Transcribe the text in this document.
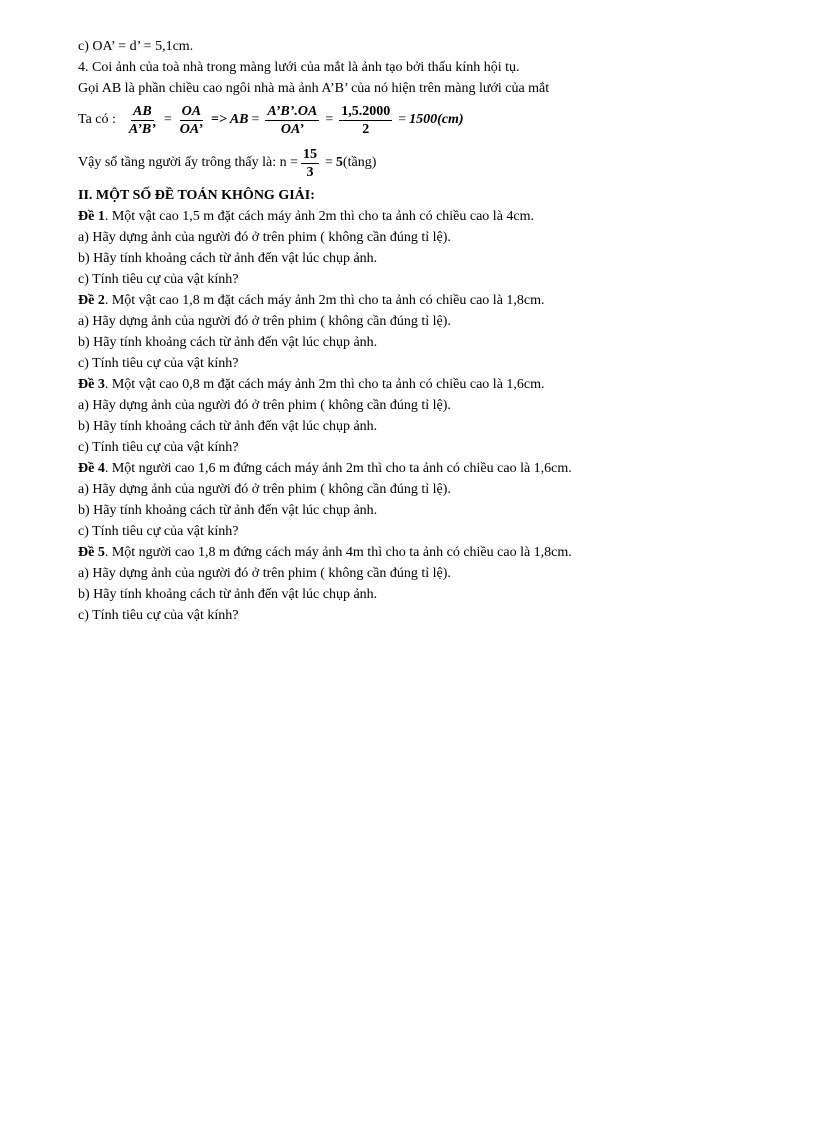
c) OA’ = d’ = 5,1cm.
4. Coi ảnh của toà nhà trong màng lưới của mắt là ảnh tạo bởi thấu kính hội tụ.
Gọi AB là phần chiều cao ngôi nhà mà ảnh A’B’ của nó hiện trên màng lưới của mắt
Ta có : $\frac{AB}{A’B’} = \frac{OA}{OA’}$ => AB = $\frac{A’B’.OA}{OA’} = \frac{1,5.2000}{2} = 1500(cm)$
Vậy số tầng người ấy trông thấy là: $n = \frac{15}{3} = 5$ (tầng)
II. MỘT SỐ ĐỀ TOÁN KHÔNG GIẢI:
Đề 1. Một vật cao 1,5 m đặt cách máy ảnh 2m thì cho ta ảnh có chiều cao là 4cm.
a) Hãy dựng ảnh của người đó ở trên phim ( không cần đúng tỉ lệ).
b) Hãy tính khoảng cách từ ảnh đến vật lúc chụp ảnh.
c) Tính tiêu cự của vật kính?
Đề 2. Một vật cao 1,8 m đặt cách máy ảnh 2m thì cho ta ảnh có chiều cao là 1,8cm.
a) Hãy dựng ảnh của người đó ở trên phim ( không cần đúng tỉ lệ).
b) Hãy tính khoảng cách từ ảnh đến vật lúc chụp ảnh.
c) Tính tiêu cự của vật kính?
Đề 3. Một vật cao 0,8 m đặt cách máy ảnh 2m thì cho ta ảnh có chiều cao là 1,6cm.
a) Hãy dựng ảnh của người đó ở trên phim ( không cần đúng tỉ lệ).
b) Hãy tính khoảng cách từ ảnh đến vật lúc chụp ảnh.
c) Tính tiêu cự của vật kính?
Đề 4. Một người cao 1,6 m đứng cách máy ảnh 2m thì cho ta ảnh có chiều cao là 1,6cm.
a) Hãy dựng ảnh của người đó ở trên phim ( không cần đúng tỉ lệ).
b) Hãy tính khoảng cách từ ảnh đến vật lúc chụp ảnh.
c) Tính tiêu cự của vật kính?
Đề 5. Một người cao 1,8 m đứng cách máy ảnh 4m thì cho ta ảnh có chiều cao là 1,8cm.
a) Hãy dựng ảnh của người đó ở trên phim ( không cần đúng tỉ lệ).
b) Hãy tính khoảng cách từ ảnh đến vật lúc chụp ảnh.
c) Tính tiêu cự của vật kính?
